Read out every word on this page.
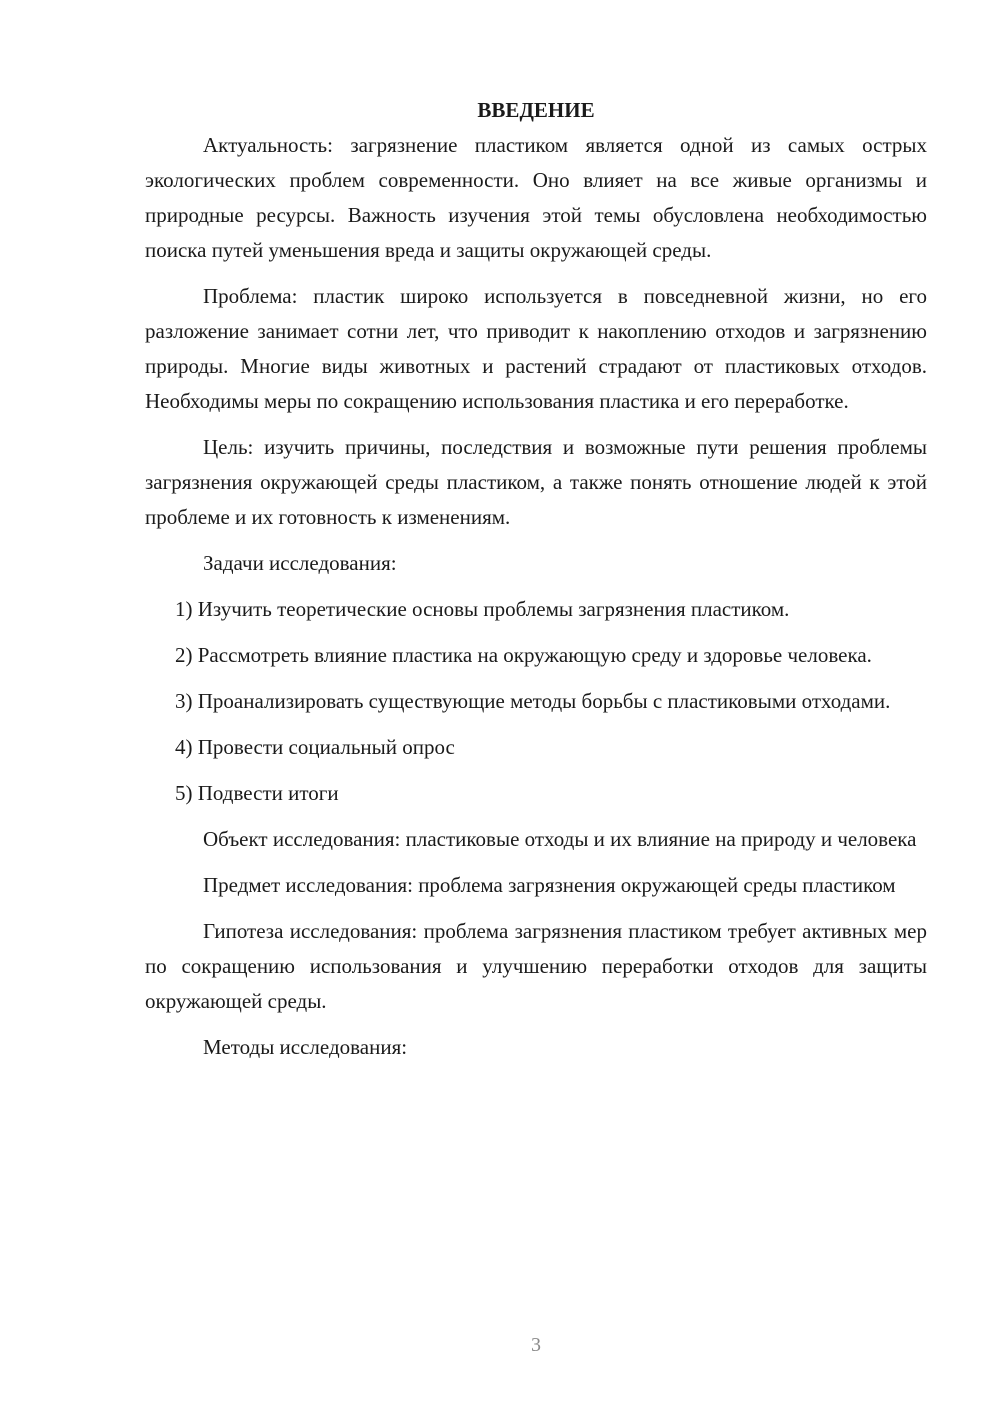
ВВЕДЕНИЕ

Актуальность: загрязнение пластиком является одной из самых острых экологических проблем современности. Оно влияет на все живые организмы и природные ресурсы. Важность изучения этой темы обусловлена необходимостью поиска путей уменьшения вреда и защиты окружающей среды.

Проблема: пластик широко используется в повседневной жизни, но его разложение занимает сотни лет, что приводит к накоплению отходов и загрязнению природы. Многие виды животных и растений страдают от пластиковых отходов. Необходимы меры по сокращению использования пластика и его переработке.

Цель: изучить причины, последствия и возможные пути решения проблемы загрязнения окружающей среды пластиком, а также понять отношение людей к этой проблеме и их готовность к изменениям.

Задачи исследования:

1) Изучить теоретические основы проблемы загрязнения пластиком.

2) Рассмотреть влияние пластика на окружающую среду и здоровье человека.

3) Проанализировать существующие методы борьбы с пластиковыми отходами.

4) Провести социальный опрос

5) Подвести итоги

Объект исследования: пластиковые отходы и их влияние на природу и человека

Предмет исследования: проблема загрязнения окружающей среды пластиком

Гипотеза исследования: проблема загрязнения пластиком требует активных мер по сокращению использования и улучшению переработки отходов для защиты окружающей среды.

Методы исследования:

3
